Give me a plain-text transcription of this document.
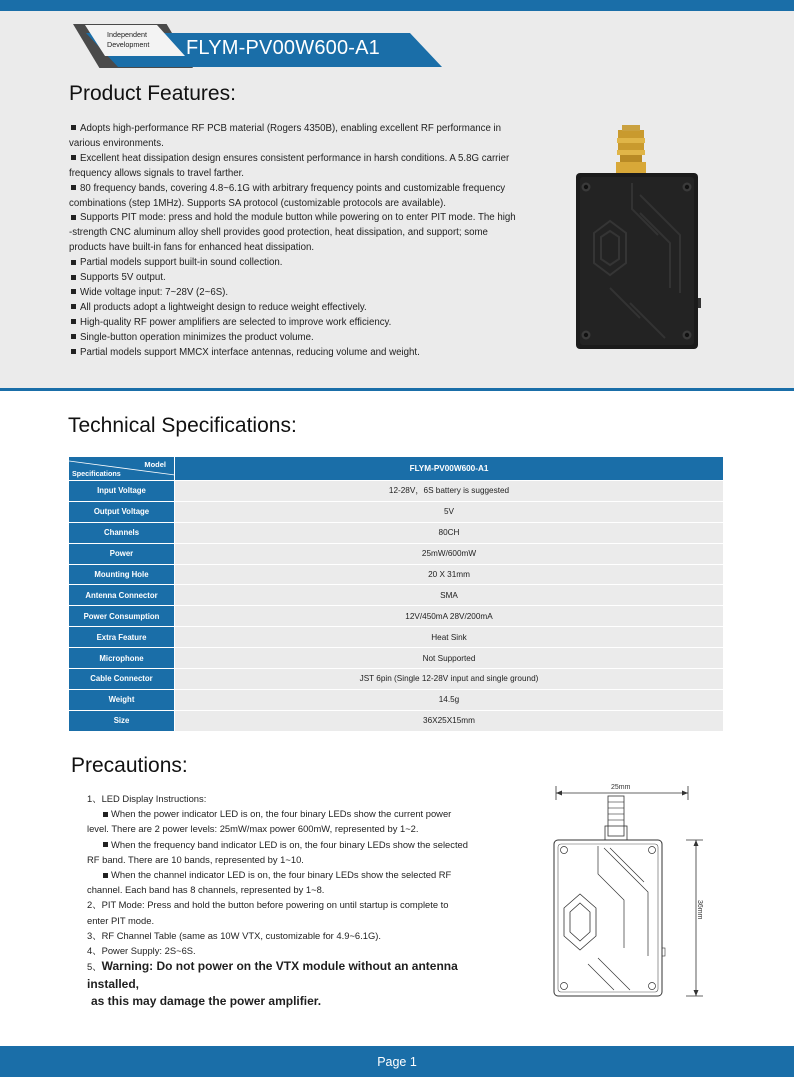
Independent
Development FLYM-PV00W600-A1
Product Features:
Adopts high-performance RF PCB material (Rogers 4350B), enabling excellent RF performance in
various environments.
Excellent heat dissipation design ensures consistent performance in harsh conditions. A 5.8G carrier
frequency allows signals to travel farther.
80 frequency bands, covering 4.8~6.1G with arbitrary frequency points and customizable frequency
combinations (step 1MHz). Supports SA protocol (customizable protocols are available).
Supports PIT mode: press and hold the module button while powering on to enter PIT mode. The high
-strength CNC aluminum alloy shell provides good protection, heat dissipation, and support; some
products have built-in fans for enhanced heat dissipation.
Partial models support built-in sound collection.
Supports 5V output.
Wide voltage input: 7~28V (2~6S).
All products adopt a lightweight design to reduce weight effectively.
High-quality RF power amplifiers are selected to improve work efficiency.
Single-button operation minimizes the product volume.
Partial models support MMCX interface antennas, reducing volume and weight.
Technical Specifications:
Model
Specifications	FLYM-PV00W600-A1
Input Voltage	12-28V，6S battery is suggested
Output Voltage	5V
Channels	80CH
Power	25mW/600mW
Mounting Hole	20 X 31mm
Antenna Connector	SMA
Power Consumption	12V/450mA 28V/200mA
Extra Feature	Heat Sink
Microphone	Not Supported
Cable Connector	JST 6pin (Single 12-28V input and single ground)
Weight	14.5g
Size	36X25X15mm
Precautions:
1、LED Display Instructions:
When the power indicator LED is on, the four binary LEDs show the current power
level. There are 2 power levels: 25mW/max power 600mW, represented by 1~2.
When the frequency band indicator LED is on, the four binary LEDs show the selected
RF band. There are 10 bands, represented by 1~10.
When the channel indicator LED is on, the four binary LEDs show the selected RF
channel. Each band has 8 channels, represented by 1~8.
2、PIT Mode: Press and hold the button before powering on until startup is complete to
enter PIT mode.
3、RF Channel Table (same as 10W VTX, customizable for 4.9~6.1G).
4、Power Supply: 2S~6S.
5、Warning: Do not power on the VTX module without an antenna installed,
as this may damage the power amplifier.
25mm
36mm
Page 1
